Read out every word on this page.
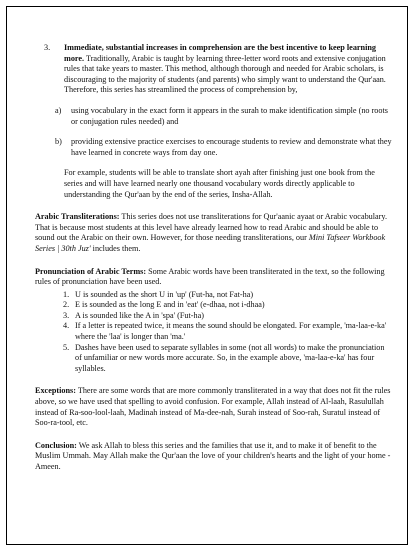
3.	Immediate, substantial increases in comprehension are the best incentive to keep learning more. Traditionally, Arabic is taught by learning three-letter word roots and extensive conjugation rules that take years to master. This method, although thorough and needed for Arabic scholars, is discouraging to the majority of students (and parents) who simply want to understand the Qur'aan. Therefore, this series has streamlined the process of comprehension by,

a)	using vocabulary in the exact form it appears in the surah to make identification simple (no roots or conjugation rules needed) and
b)	providing extensive practice exercises to encourage students to review and demonstrate what they have learned in concrete ways from day one.

For example, students will be able to translate short ayah after finishing just one book from the series and will have learned nearly one thousand vocabulary words directly applicable to understanding the Qur'aan by the end of the series, Insha-Allah.

Arabic Transliterations: This series does not use transliterations for Qur'aanic ayaat or Arabic vocabulary. That is because most students at this level have already learned how to read Arabic and should be able to sound out the Arabic on their own. However, for those needing transliterations, our Mini Tafseer Workbook Series | 30th Juz' includes them.

Pronunciation of Arabic Terms: Some Arabic words have been transliterated in the text, so the following rules of pronunciation have been used.

1. U is sounded as the short U in 'up' (Fut-ha, not Fat-ha)
2. E is sounded as the long E and in 'eat' (e-dhaa, not i-dhaa)
3. A is sounded like the A in 'spa' (Fut-ha)
4. If a letter is repeated twice, it means the sound should be elongated. For example, 'ma-laa-e-ka' where the 'laa' is longer than 'ma.'
5. Dashes have been used to separate syllables in some (not all words) to make the pronunciation of unfamiliar or new words more accurate. So, in the example above, 'ma-laa-e-ka' has four syllables.

Exceptions: There are some words that are more commonly transliterated in a way that does not fit the rules above, so we have used that spelling to avoid confusion. For example, Allah instead of Al-laah, Rasulullah instead of Ra-soo-lool-laah, Madinah instead of Ma-dee-nah, Surah instead of Soo-rah, Suratul instead of Soo-ra-tool, etc.

Conclusion: We ask Allah to bless this series and the families that use it, and to make it of benefit to the Muslim Ummah. May Allah make the Qur'aan the love of your children's hearts and the light of your home - Ameen.
